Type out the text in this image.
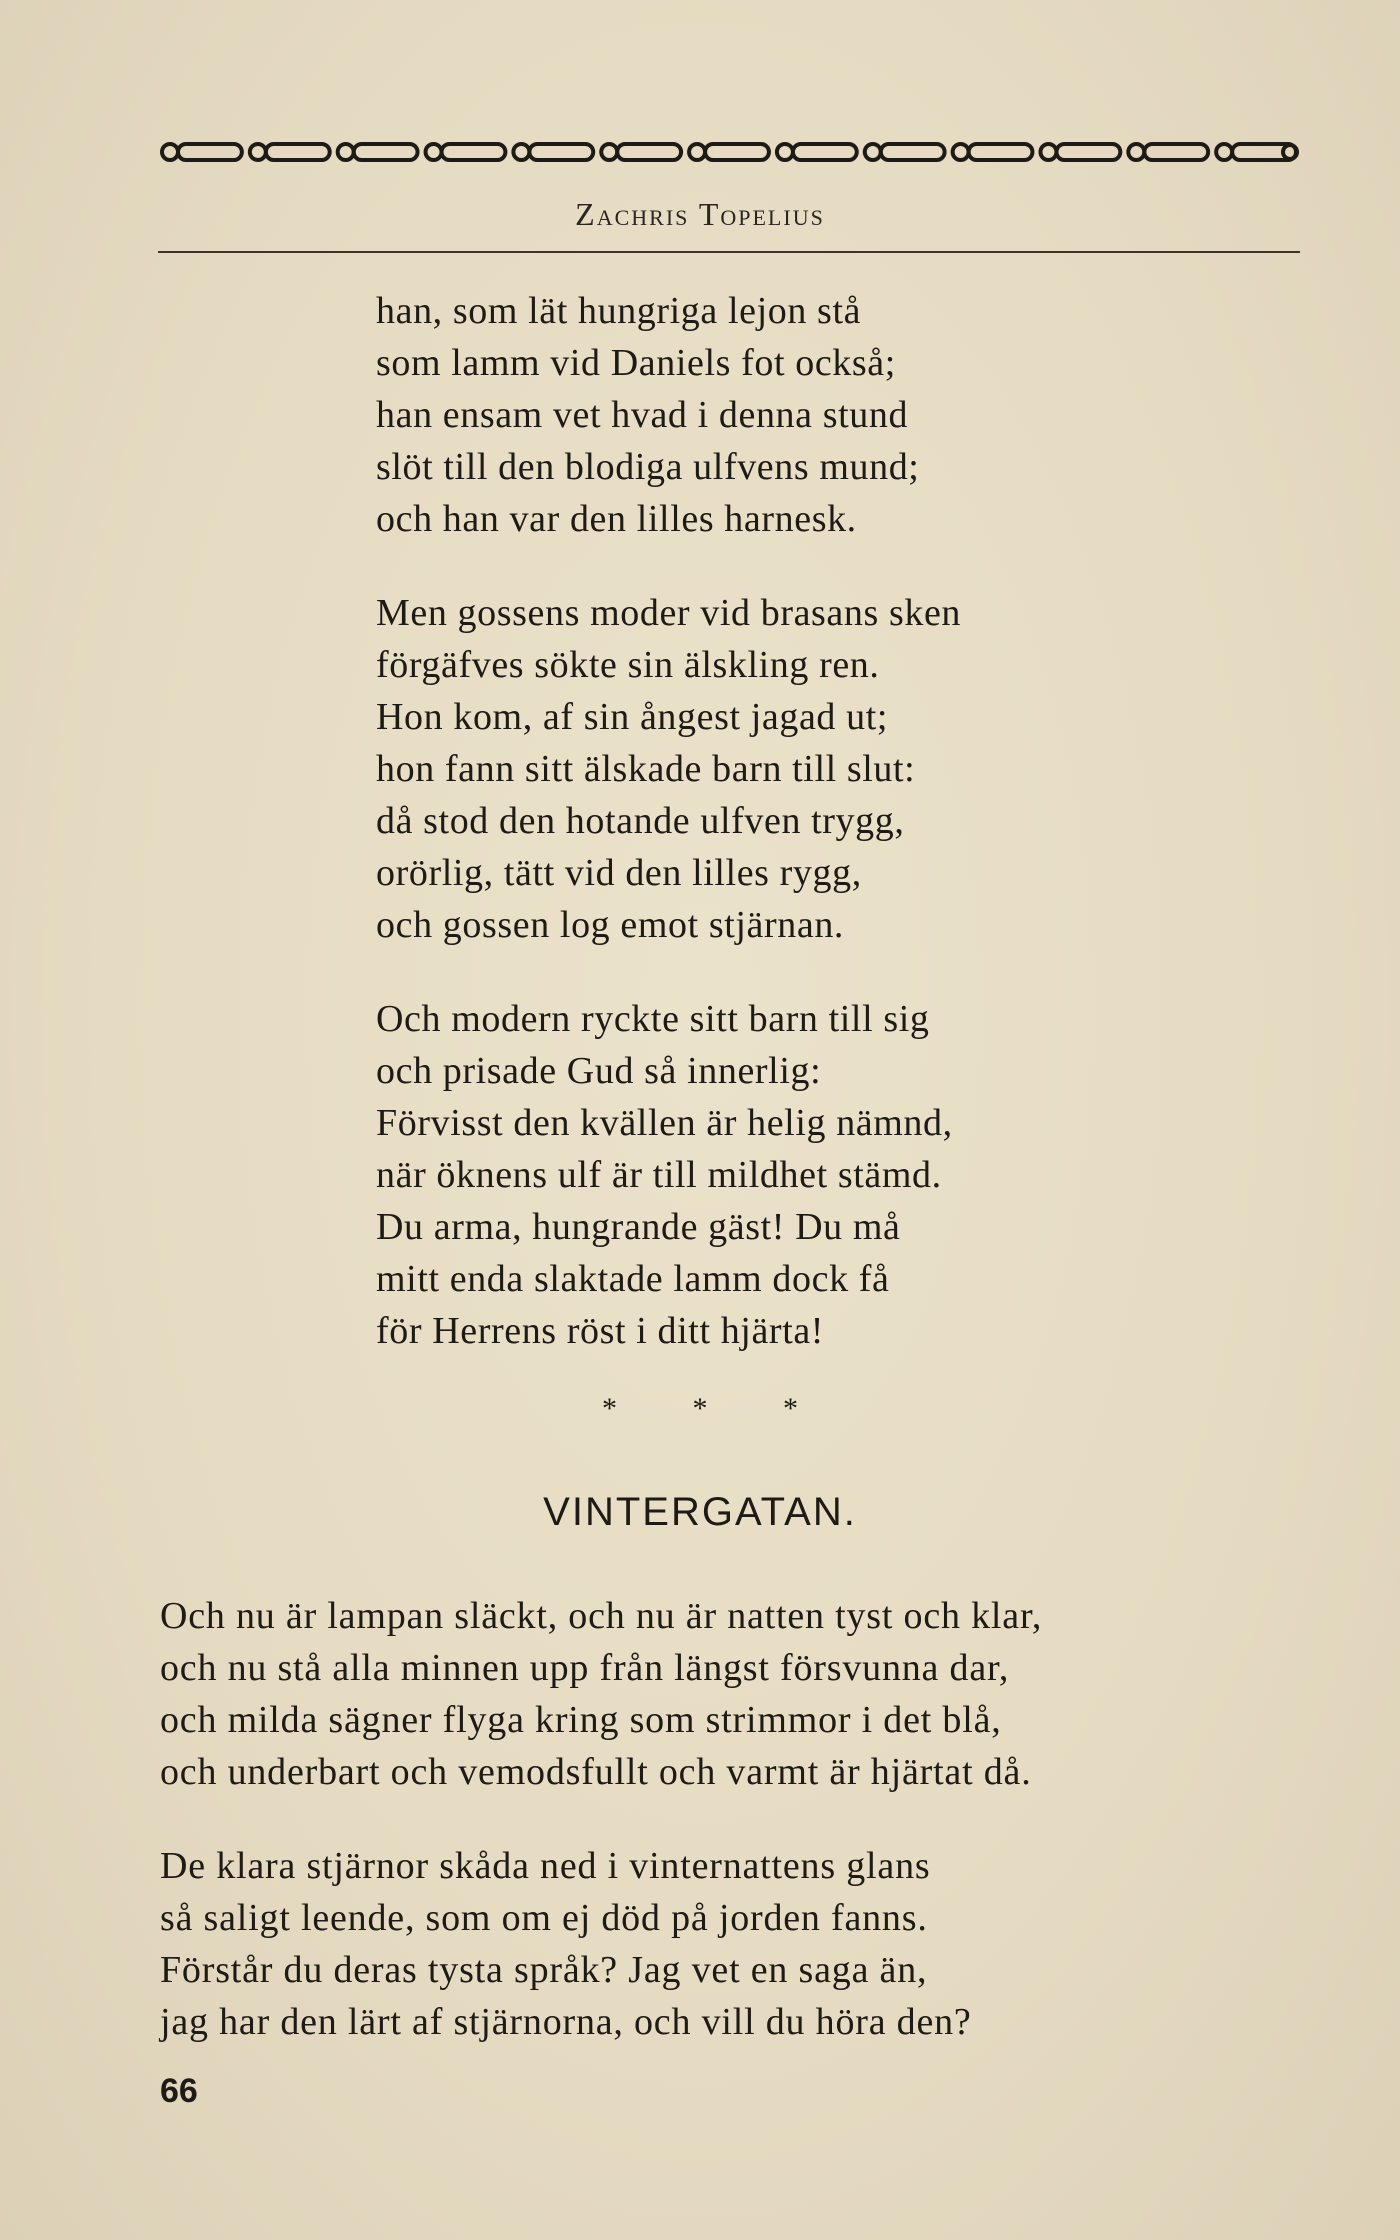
Zachris Topelius
han, som lät hungriga lejon stå
som lamm vid Daniels fot också;
han ensam vet hvad i denna stund
slöt till den blodiga ulfvens mund;
och han var den lilles harnesk.
Men gossens moder vid brasans sken
förgäfves sökte sin älskling ren.
Hon kom, af sin ångest jagad ut;
hon fann sitt älskade barn till slut:
då stod den hotande ulfven trygg,
orörlig, tätt vid den lilles rygg,
och gossen log emot stjärnan.
Och modern ryckte sitt barn till sig
och prisade Gud så innerlig:
Förvisst den kvällen är helig nämnd,
när öknens ulf är till mildhet stämd.
Du arma, hungrande gäst! Du må
mitt enda slaktade lamm dock få
för Herrens röst i ditt hjärta!
* * *
VINTERGATAN.
Och nu är lampan släckt, och nu är natten tyst och klar,
och nu stå alla minnen upp från längst försvunna dar,
och milda sägner flyga kring som strimmor i det blå,
och underbart och vemodsfullt och varmt är hjärtat då.
De klara stjärnor skåda ned i vinternattens glans
så saligt leende, som om ej död på jorden fanns.
Förstår du deras tysta språk? Jag vet en saga än,
jag har den lärt af stjärnorna, och vill du höra den?
66
